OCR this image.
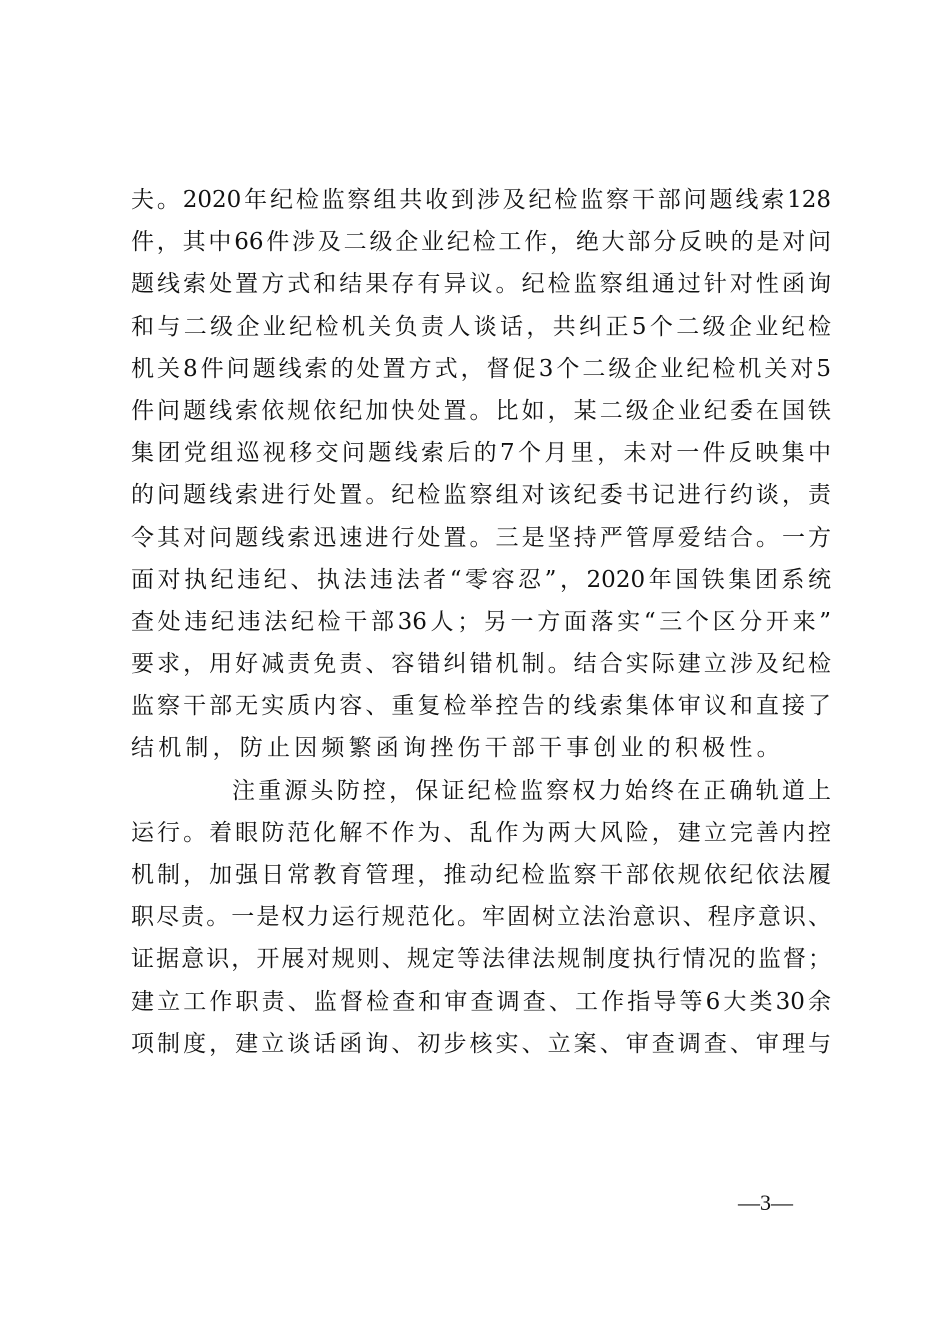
夫。2020年纪检监察组共收到涉及纪检监察干部问题线索128
件，其中66件涉及二级企业纪检工作，绝大部分反映的是对问
题线索处置方式和结果存有异议。纪检监察组通过针对性函询
和与二级企业纪检机关负责人谈话，共纠正5个二级企业纪检
机关8件问题线索的处置方式，督促3个二级企业纪检机关对5
件问题线索依规依纪加快处置。比如，某二级企业纪委在国铁
集团党组巡视移交问题线索后的7个月里，未对一件反映集中
的问题线索进行处置。纪检监察组对该纪委书记进行约谈，责
令其对问题线索迅速进行处置。三是坚持严管厚爱结合。一方
面对执纪违纪、执法违法者“零容忍”，2020年国铁集团系统
查处违纪违法纪检干部36人；另一方面落实“三个区分开来”
要求，用好减责免责、容错纠错机制。结合实际建立涉及纪检
监察干部无实质内容、重复检举控告的线索集体审议和直接了
结机制，防止因频繁函询挫伤干部干事创业的积极性。
注重源头防控，保证纪检监察权力始终在正确轨道上
运行。着眼防范化解不作为、乱作为两大风险，建立完善内控
机制，加强日常教育管理，推动纪检监察干部依规依纪依法履
职尽责。一是权力运行规范化。牢固树立法治意识、程序意识、
证据意识，开展对规则、规定等法律法规制度执行情况的监督；
建立工作职责、监督检查和审查调查、工作指导等6大类30余
项制度，建立谈话函询、初步核实、立案、审查调查、审理与
—3—
